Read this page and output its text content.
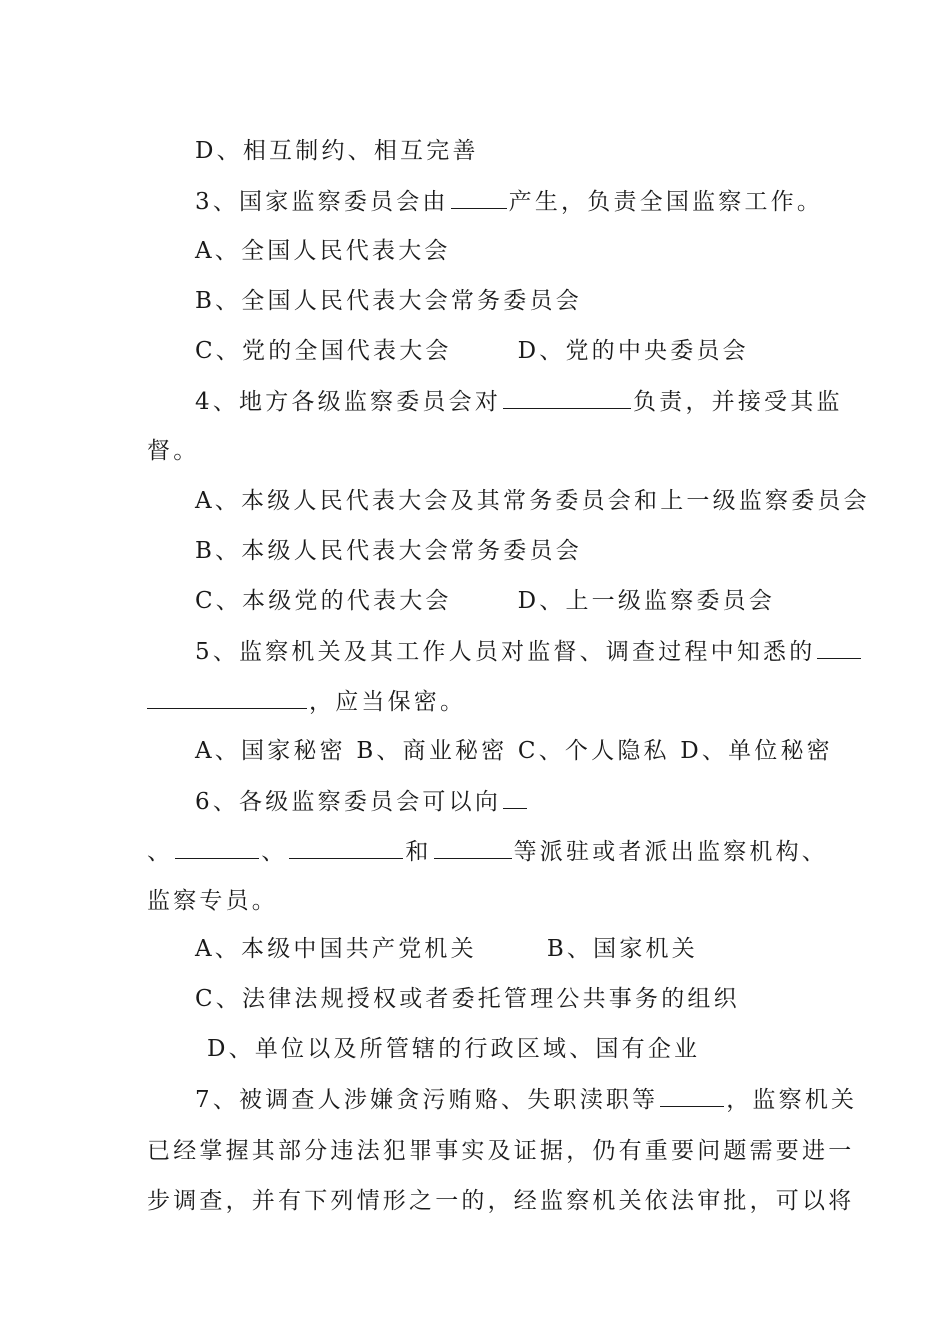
D、相互制约、相互完善
3、国家监察委员会由	产生，负责全国监察工作。
A、全国人民代表大会
B、全国人民代表大会常务委员会
C、党的全国代表大会	D、党的中央委员会
4、地方各级监察委员会对	负责，并接受其监
督。
A、本级人民代表大会及其常务委员会和上一级监察委员会
B、本级人民代表大会常务委员会
C、本级党的代表大会	D、上一级监察委员会
5、监察机关及其工作人员对监督、调查过程中知悉的
，应当保密。
A、国家秘密 B、商业秘密 C、个人隐私 D、单位秘密
6、各级监察委员会可以向
、	、	和	等派驻或者派出监察机构、
监察专员。
A、本级中国共产党机关	B、国家机关
C、法律法规授权或者委托管理公共事务的组织
D、单位以及所管辖的行政区域、国有企业
7、被调查人涉嫌贪污贿赂、失职渎职等	，监察机关
已经掌握其部分违法犯罪事实及证据，仍有重要问题需要进一
步调查，并有下列情形之一的，经监察机关依法审批，可以将
